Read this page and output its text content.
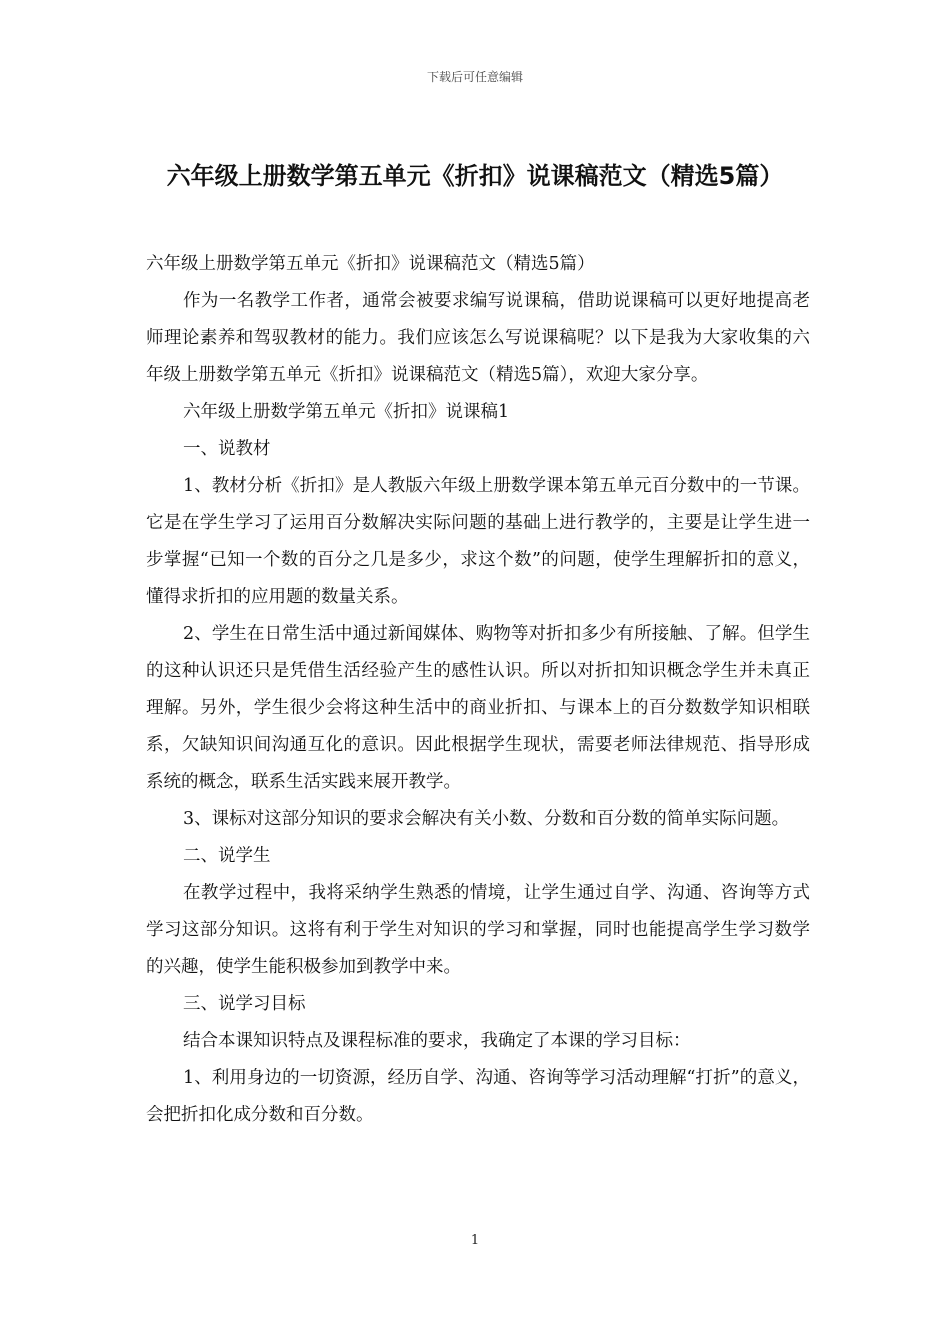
下载后可任意编辑
六年级上册数学第五单元《折扣》说课稿范文（精选5篇）

六年级上册数学第五单元《折扣》说课稿范文（精选5篇）

作为一名教学工作者，通常会被要求编写说课稿，借助说课稿可以更好地提高老师理论素养和驾驭教材的能力。我们应该怎么写说课稿呢？以下是我为大家收集的六年级上册数学第五单元《折扣》说课稿范文（精选5篇），欢迎大家分享。

六年级上册数学第五单元《折扣》说课稿1

一、说教材

1、教材分析《折扣》是人教版六年级上册数学课本第五单元百分数中的一节课。它是在学生学习了运用百分数解决实际问题的基础上进行教学的，主要是让学生进一步掌握“已知一个数的百分之几是多少，求这个数”的问题，使学生理解折扣的意义，懂得求折扣的应用题的数量关系。

2、学生在日常生活中通过新闻媒体、购物等对折扣多少有所接触、了解。但学生的这种认识还只是凭借生活经验产生的感性认识。所以对折扣知识概念学生并未真正理解。另外，学生很少会将这种生活中的商业折扣、与课本上的百分数数学知识相联系，欠缺知识间沟通互化的意识。因此根据学生现状，需要老师法律规范、指导形成系统的概念，联系生活实践来展开教学。

3、课标对这部分知识的要求会解决有关小数、分数和百分数的简单实际问题。

二、说学生

在教学过程中，我将采纳学生熟悉的情境，让学生通过自学、沟通、咨询等方式学习这部分知识。这将有利于学生对知识的学习和掌握，同时也能提高学生学习数学的兴趣，使学生能积极参加到教学中来。

三、说学习目标

结合本课知识特点及课程标准的要求，我确定了本课的学习目标：

1、利用身边的一切资源，经历自学、沟通、咨询等学习活动理解“打折”的意义，会把折扣化成分数和百分数。

1
